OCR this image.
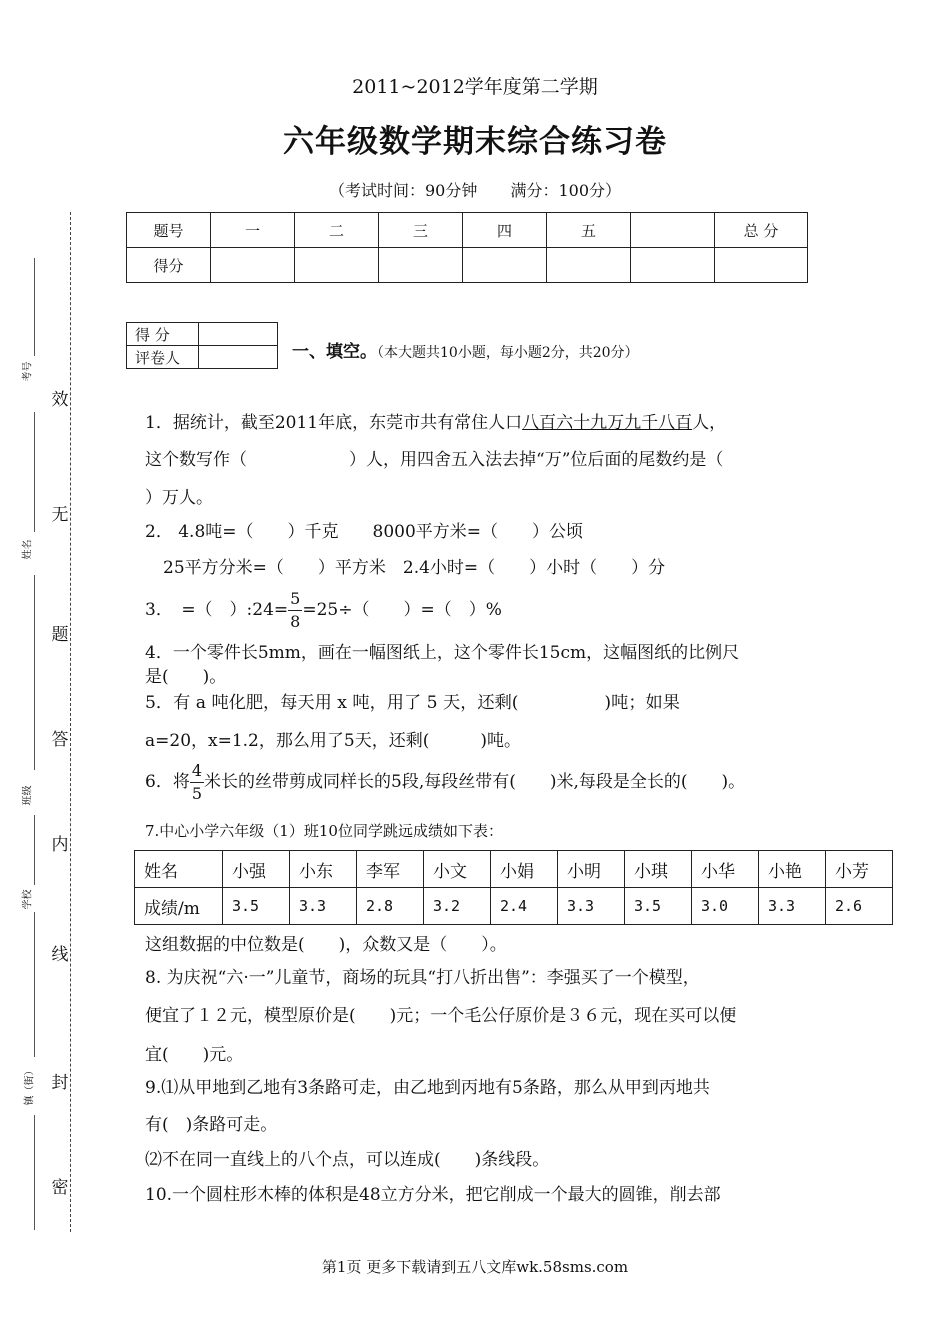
2011~2012学年度第二学期
六年级数学期末综合练习卷
（考试时间：90分钟 满分：100分）
题号	一	二	三	四	五		总 分
得分							
得 分	
评卷人		一、填空。（本大题共10小题，每小题2分，共20分）
1．据统计，截至2011年底，东莞市共有常住人口八百六十九万九千八百人，
这个数写作（　　　　　　）人，用四舍五入法去掉“万”位后面的尾数约是（
）万人。
2． 4.8吨=（　　）千克　　8000平方米=（　　）公顷
25平方分米=（　　）平方米　2.4小时=（　　）小时（　　）分
3．　=（　）:24= $\frac{5}{8} =25\div$（　　）=（　）%
4．一个零件长5mm，画在一幅图纸上，这个零件长15cm，这幅图纸的比例尺
是(　　)。
5．有 a 吨化肥，每天用 x 吨，用了 5 天，还剩(　　　　　)吨；如果
a=20，x=1.2，那么用了5天，还剩(　　　)吨。
6．将 $\frac{4}{5}$ 米长的丝带剪成同样长的5段,每段丝带有(　　)米,每段是全长的(　　)。
7.中心小学六年级（1）班10位同学跳远成绩如下表：
姓名	小强	小东	李军	小文	小娟	小明	小琪	小华	小艳	小芳
成绩/m	3.5	3.3	2.8	3.2	2.4	3.3	3.5	3.0	3.3	2.6
这组数据的中位数是(　　)，众数又是（　　）。
8. 为庆祝“六·一”儿童节，商场的玩具“打八折出售”：李强买了一个模型，
便宜了１２元，模型原价是(　　)元；一个毛公仔原价是３６元，现在买可以便
宜(　　)元。
9.⑴从甲地到乙地有3条路可走，由乙地到丙地有5条路，那么从甲到丙地共
有(　)条路可走。
⑵不在同一直线上的八个点，可以连成(　　)条线段。
10.一个圆柱形木棒的体积是48立方分米，把它削成一个最大的圆锥，削去部
考号
姓名
班级
学校
镇（街）
效
无
题
答
内
线
封
密
第1页 更多下载请到五八文库wk.58sms.com
